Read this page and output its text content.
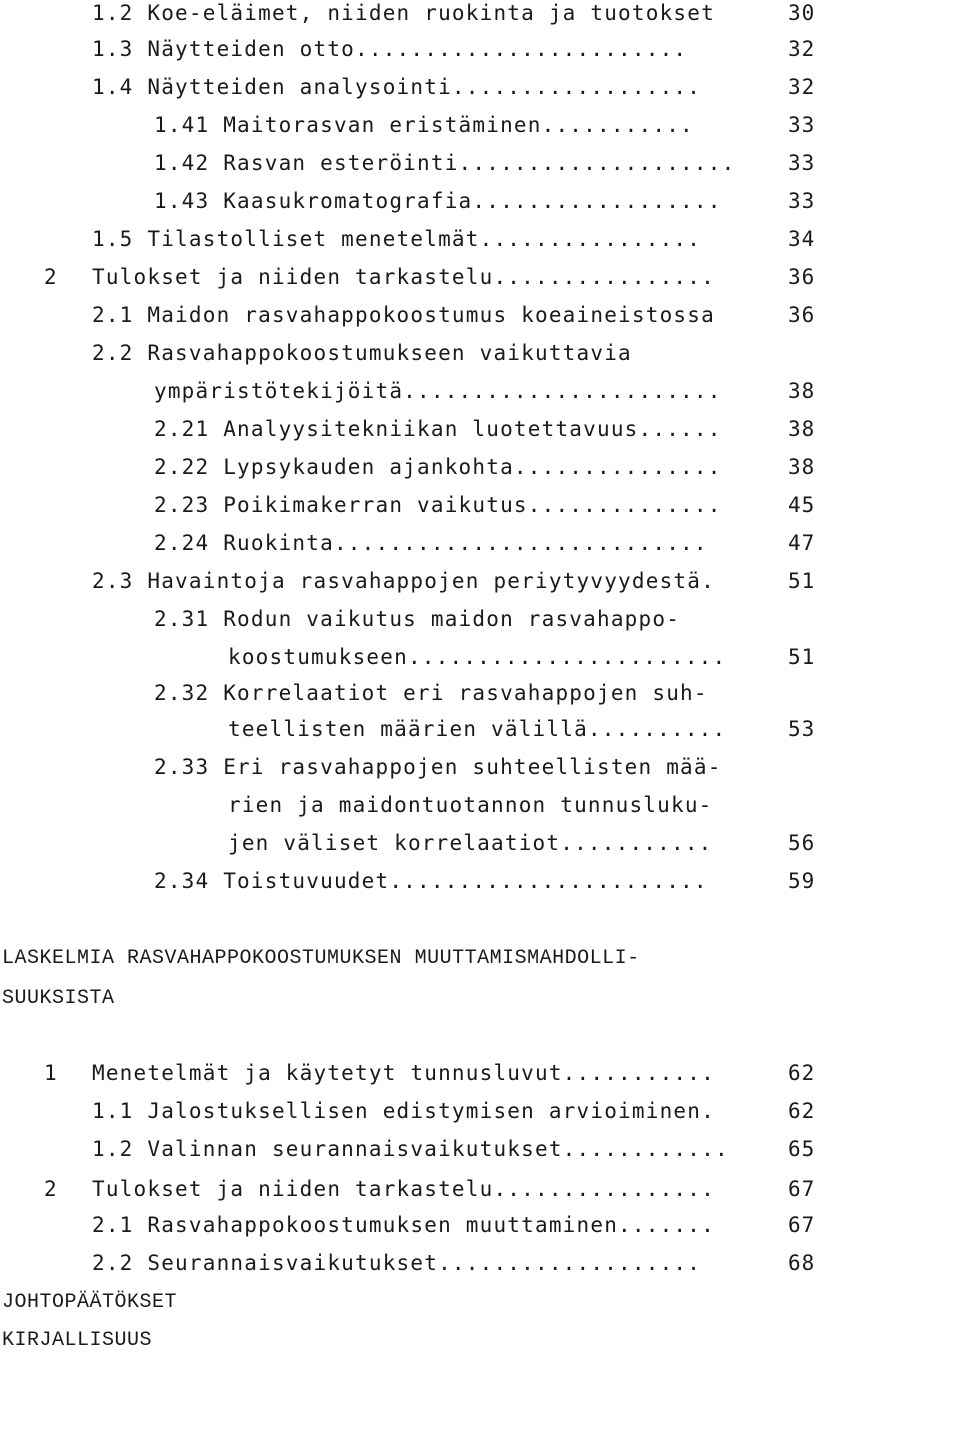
1.2 Koe-eläimet, niiden ruokinta ja tuotokset	30
1.3 Näytteiden otto........................	32
1.4 Näytteiden analysointi..................	32
1.41 Maitorasvan eristäminen...........	33
1.42 Rasvan esteröinti....................	33
1.43 Kaasukromatografia..................	33
1.5 Tilastolliset menetelmät................	34
2 Tulokset ja niiden tarkastelu................	36
2.1 Maidon rasvahappokoostumus koeaineistossa	36
2.2 Rasvahappokoostumukseen vaikuttavia
ympäristötekijöitä.......................	38
2.21 Analyysitekniikan luotettavuus......	38
2.22 Lypsykauden ajankohta...............	38
2.23 Poikimakerran vaikutus..............	45
2.24 Ruokinta...........................	47
2.3 Havaintoja rasvahappojen periytyvyydestä.	51
2.31 Rodun vaikutus maidon rasvahappo-
koostumukseen.......................	51
2.32 Korrelaatiot eri rasvahappojen suh-
teellisten määrien välillä..........	53
2.33 Eri rasvahappojen suhteellisten mää-
rien ja maidontuotannon tunnusluku-
jen väliset korrelaatiot...........	56
2.34 Toistuvuudet.......................	59
LASKELMIA RASVAHAPPOKOOSTUMUKSEN MUUTTAMISMAHDOLLI-
SUUKSISTA
1 Menetelmät ja käytetyt tunnusluvut...........	62
1.1 Jalostuksellisen edistymisen arvioiminen.	62
1.2 Valinnan seurannaisvaikutukset............	65
2 Tulokset ja niiden tarkastelu................	67
2.1 Rasvahappokoostumuksen muuttaminen.......	67
2.2 Seurannaisvaikutukset...................	68
JOHTOPÄÄTÖKSET
KIRJALLISUUS
